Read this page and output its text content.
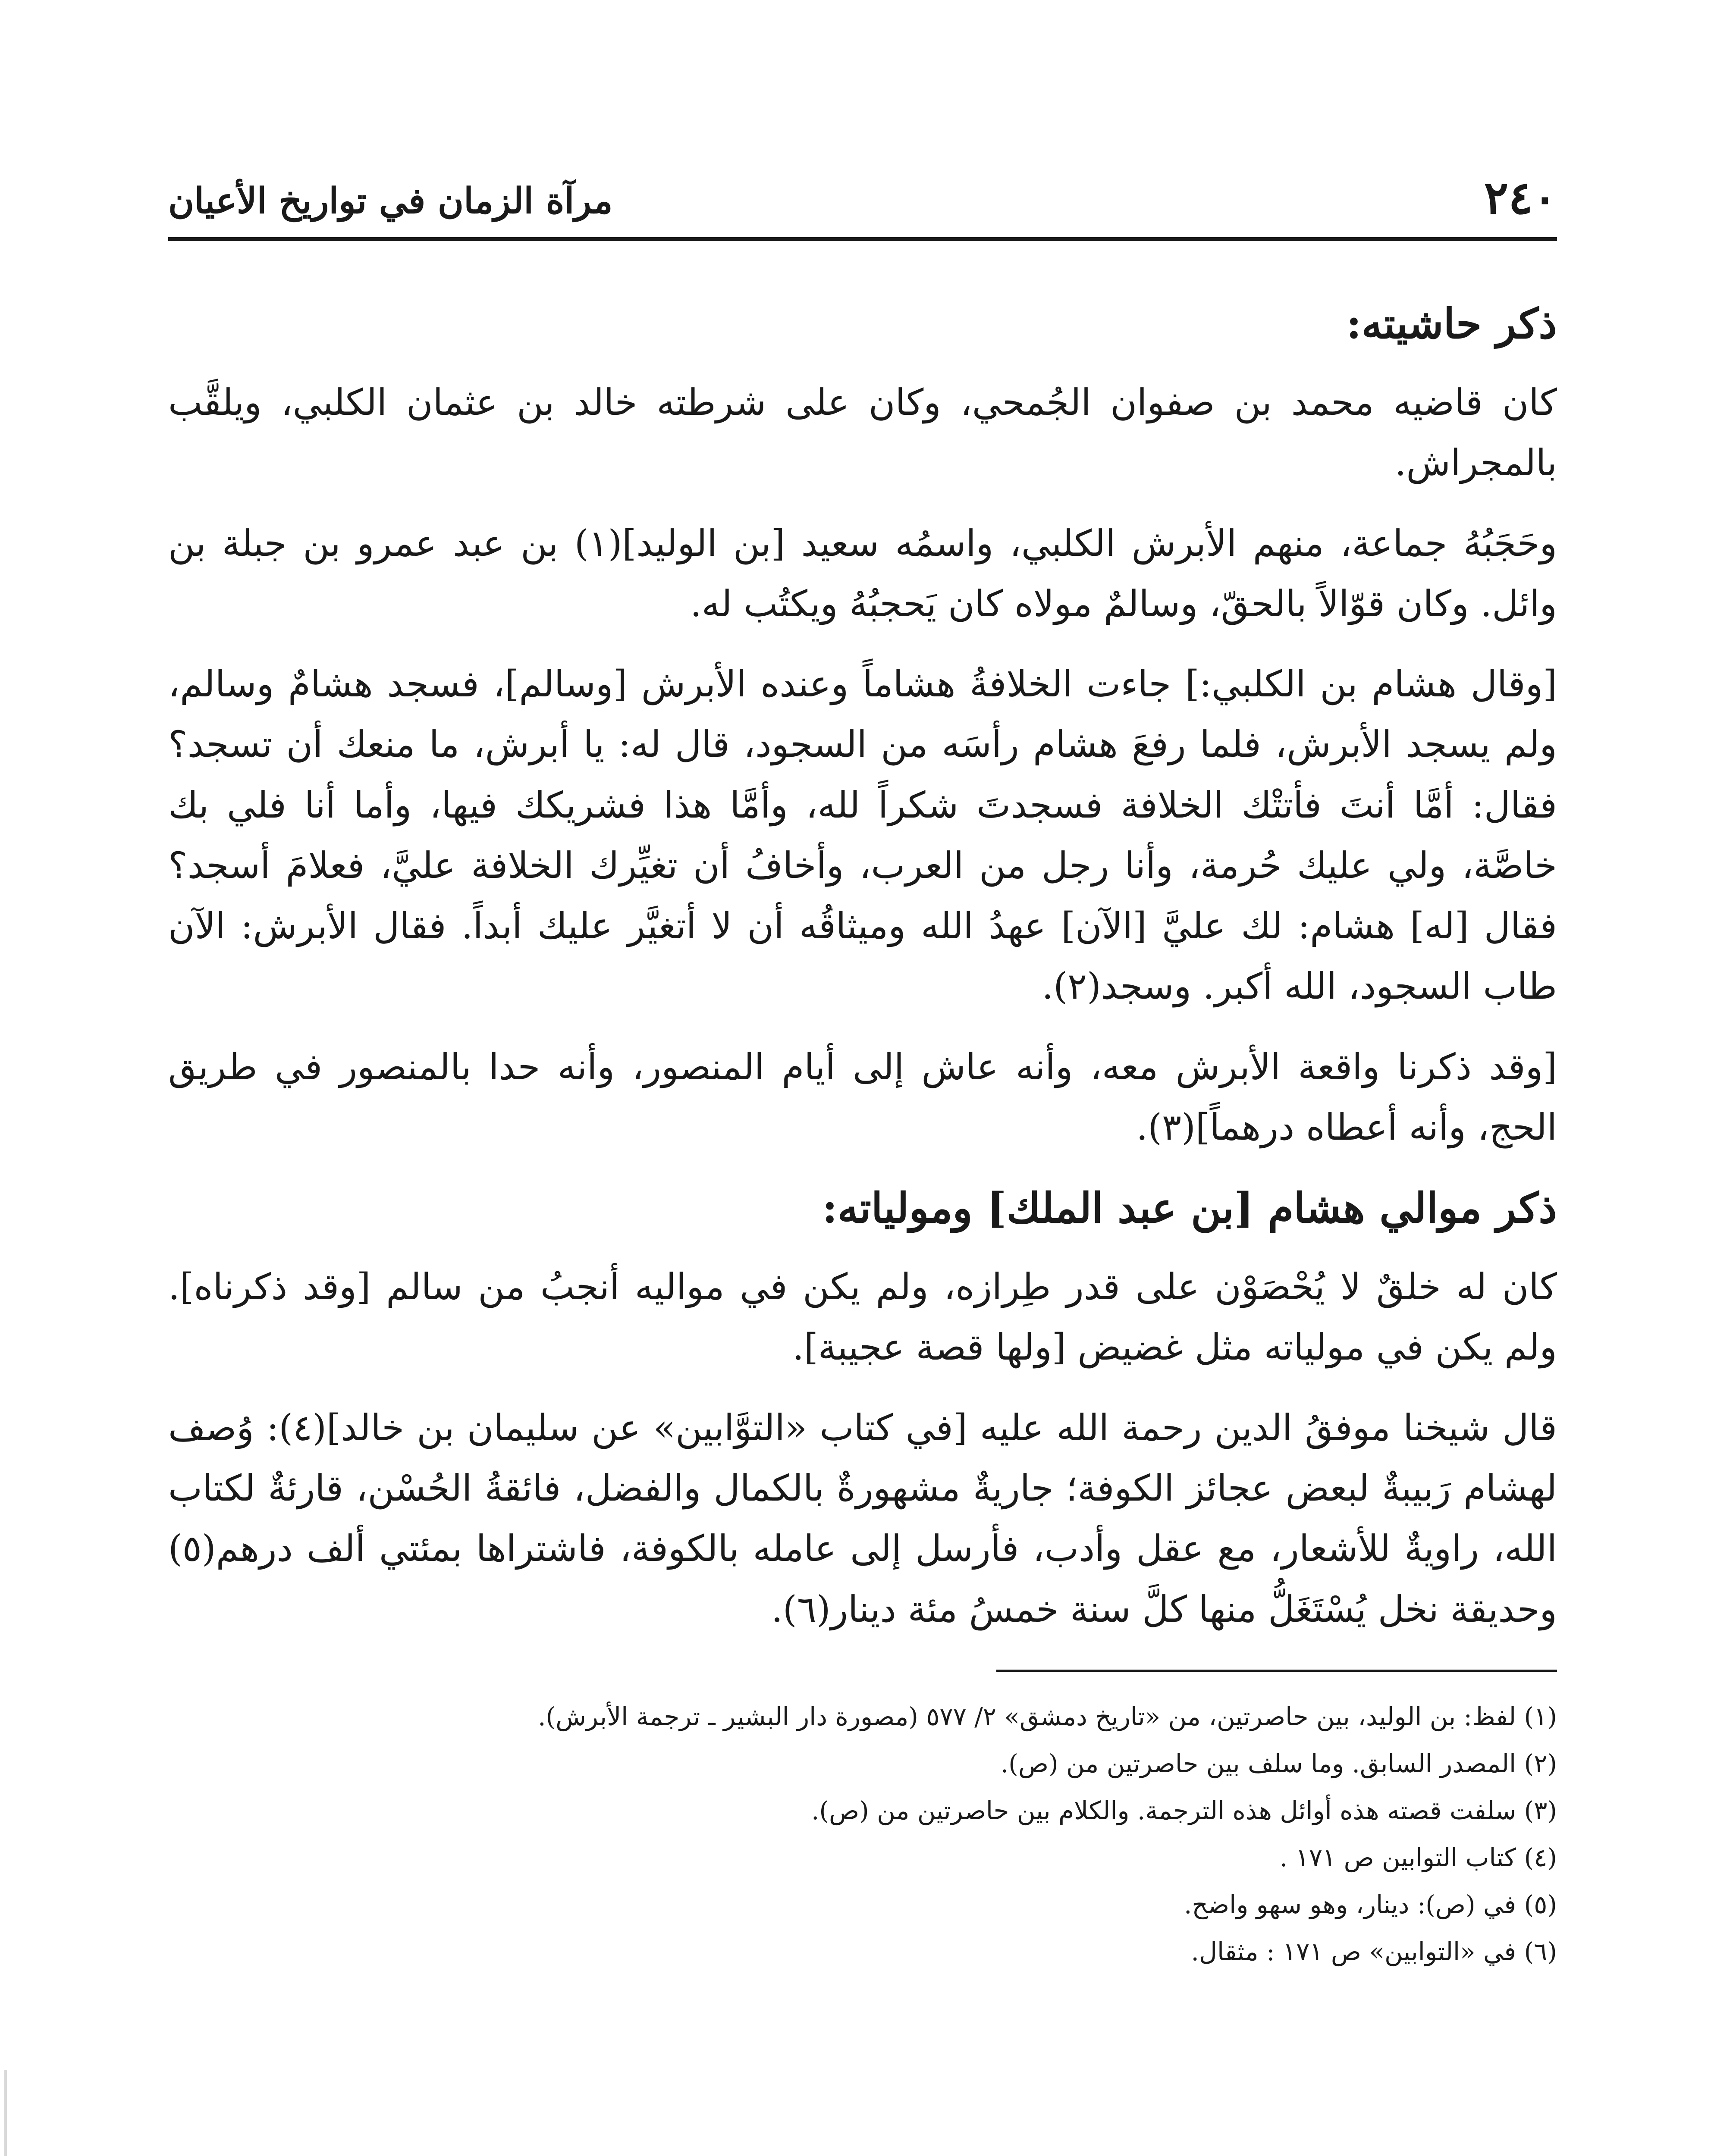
٢٤٠
مرآة الزمان في تواريخ الأعيان
ذكر حاشيته:

كان قاضيه محمد بن صفوان الجُمحي، وكان على شرطته خالد بن عثمان الكلبي، ويلقَّب بالمجراش.

وحَجَبُهُ جماعة، منهم الأبرش الكلبي، واسمُه سعيد [بن الوليد](١) بن عبد عمرو بن جبلة بن وائل. وكان قوّالاً بالحقّ، وسالمٌ مولاه كان يَحجبُهُ ويكتُب له.

[وقال هشام بن الكلبي:] جاءت الخلافةُ هشاماً وعنده الأبرش [وسالم]، فسجد هشامٌ وسالم، ولم يسجد الأبرش، فلما رفعَ هشام رأسَه من السجود، قال له: يا أبرش، ما منعك أن تسجد؟ فقال: أمَّا أنتَ فأتتْك الخلافة فسجدتَ شكراً لله، وأمَّا هذا فشريكك فيها، وأما أنا فلي بك خاصَّة، ولي عليك حُرمة، وأنا رجل من العرب، وأخافُ أن تغيِّرك الخلافة عليَّ، فعلامَ أسجد؟ فقال [له] هشام: لك عليَّ [الآن] عهدُ الله وميثاقُه أن لا أتغيَّر عليك أبداً. فقال الأبرش: الآن طاب السجود، الله أكبر. وسجد(٢).

[وقد ذكرنا واقعة الأبرش معه، وأنه عاش إلى أيام المنصور، وأنه حدا بالمنصور في طريق الحج، وأنه أعطاه درهماً](٣).

ذكر موالي هشام [بن عبد الملك] ومولياته:

كان له خلقٌ لا يُحْصَوْن على قدر طِرازه، ولم يكن في مواليه أنجبُ من سالم [وقد ذكرناه]. ولم يكن في مولياته مثل غضيض [ولها قصة عجيبة].

قال شيخنا موفقُ الدين رحمة الله عليه [في كتاب «التوَّابين» عن سليمان بن خالد](٤): وُصف لهشام رَبيبةٌ لبعض عجائز الكوفة؛ جاريةٌ مشهورةٌ بالكمال والفضل، فائقةُ الحُسْن، قارئةٌ لكتاب الله، راويةٌ للأشعار، مع عقل وأدب، فأرسل إلى عامله بالكوفة، فاشتراها بمئتي ألف درهم(٥) وحديقة نخل يُسْتَغَلُّ منها كلَّ سنة خمسُ مئة دينار(٦).

(١) لفظ: بن الوليد، بين حاصرتين، من «تاريخ دمشق» ٢/ ٥٧٧ (مصورة دار البشير ـ ترجمة الأبرش).
(٢) المصدر السابق. وما سلف بين حاصرتين من (ص).
(٣) سلفت قصته هذه أوائل هذه الترجمة. والكلام بين حاصرتين من (ص).
(٤) كتاب التوابين ص ١٧١ .
(٥) في (ص): دينار، وهو سهو واضح.
(٦) في «التوابين» ص ١٧١ : مثقال.
